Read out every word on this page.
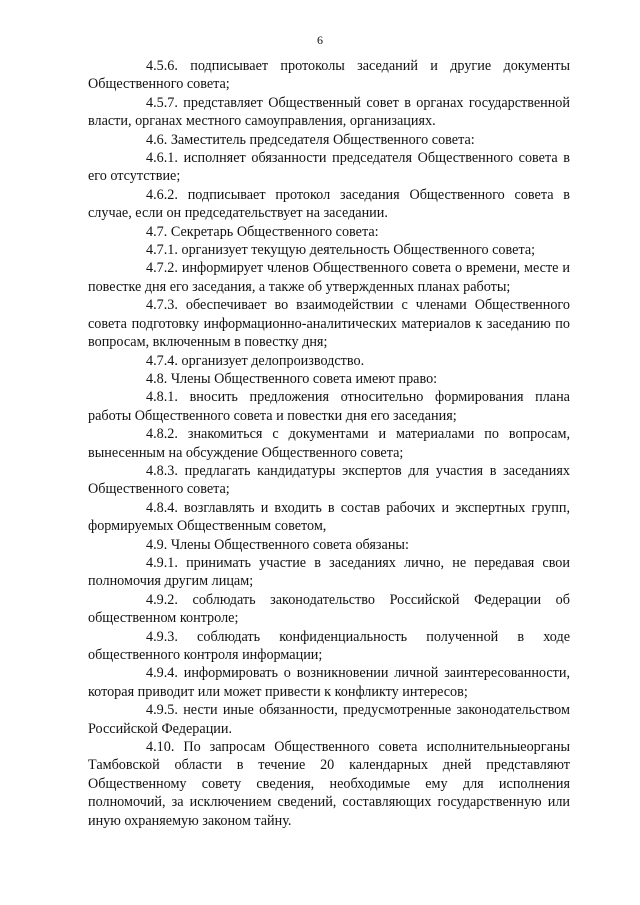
6

4.5.6. подписывает протоколы заседаний и другие документы Общественного совета;

4.5.7. представляет Общественный совет в органах государственной власти, органах местного самоуправления, организациях.

4.6. Заместитель председателя Общественного совета:

4.6.1. исполняет обязанности председателя Общественного совета в его отсутствие;

4.6.2. подписывает протокол заседания Общественного совета в случае, если он председательствует на заседании.

4.7. Секретарь Общественного совета:

4.7.1. организует текущую деятельность Общественного совета;

4.7.2. информирует членов Общественного совета о времени, месте и повестке дня его заседания, а также об утвержденных планах работы;

4.7.3. обеспечивает во взаимодействии с членами Общественного совета подготовку информационно-аналитических материалов к заседанию по вопросам, включенным в повестку дня;

4.7.4. организует делопроизводство.

4.8. Члены Общественного совета имеют право:

4.8.1. вносить предложения относительно формирования плана работы Общественного совета и повестки дня его заседания;

4.8.2. знакомиться с документами и материалами по вопросам, вынесенным на обсуждение Общественного совета;

4.8.3. предлагать кандидатуры экспертов для участия в заседаниях Общественного совета;

4.8.4. возглавлять и входить в состав рабочих и экспертных групп, формируемых Общественным советом,

4.9. Члены Общественного совета обязаны:

4.9.1. принимать участие в заседаниях лично, не передавая свои полномочия другим лицам;

4.9.2. соблюдать законодательство Российской Федерации об общественном контроле;

4.9.3. соблюдать конфиденциальность полученной в ходе общественного контроля информации;

4.9.4. информировать о возникновении личной заинтересованности, которая приводит или может привести к конфликту интересов;

4.9.5. нести иные обязанности, предусмотренные законодательством Российской Федерации.

4.10. По запросам Общественного совета исполнительныеорганы Тамбовской области в течение 20 календарных дней представляют Общественному совету сведения, необходимые ему для исполнения полномочий, за исключением сведений, составляющих государственную или иную охраняемую законом тайну.
